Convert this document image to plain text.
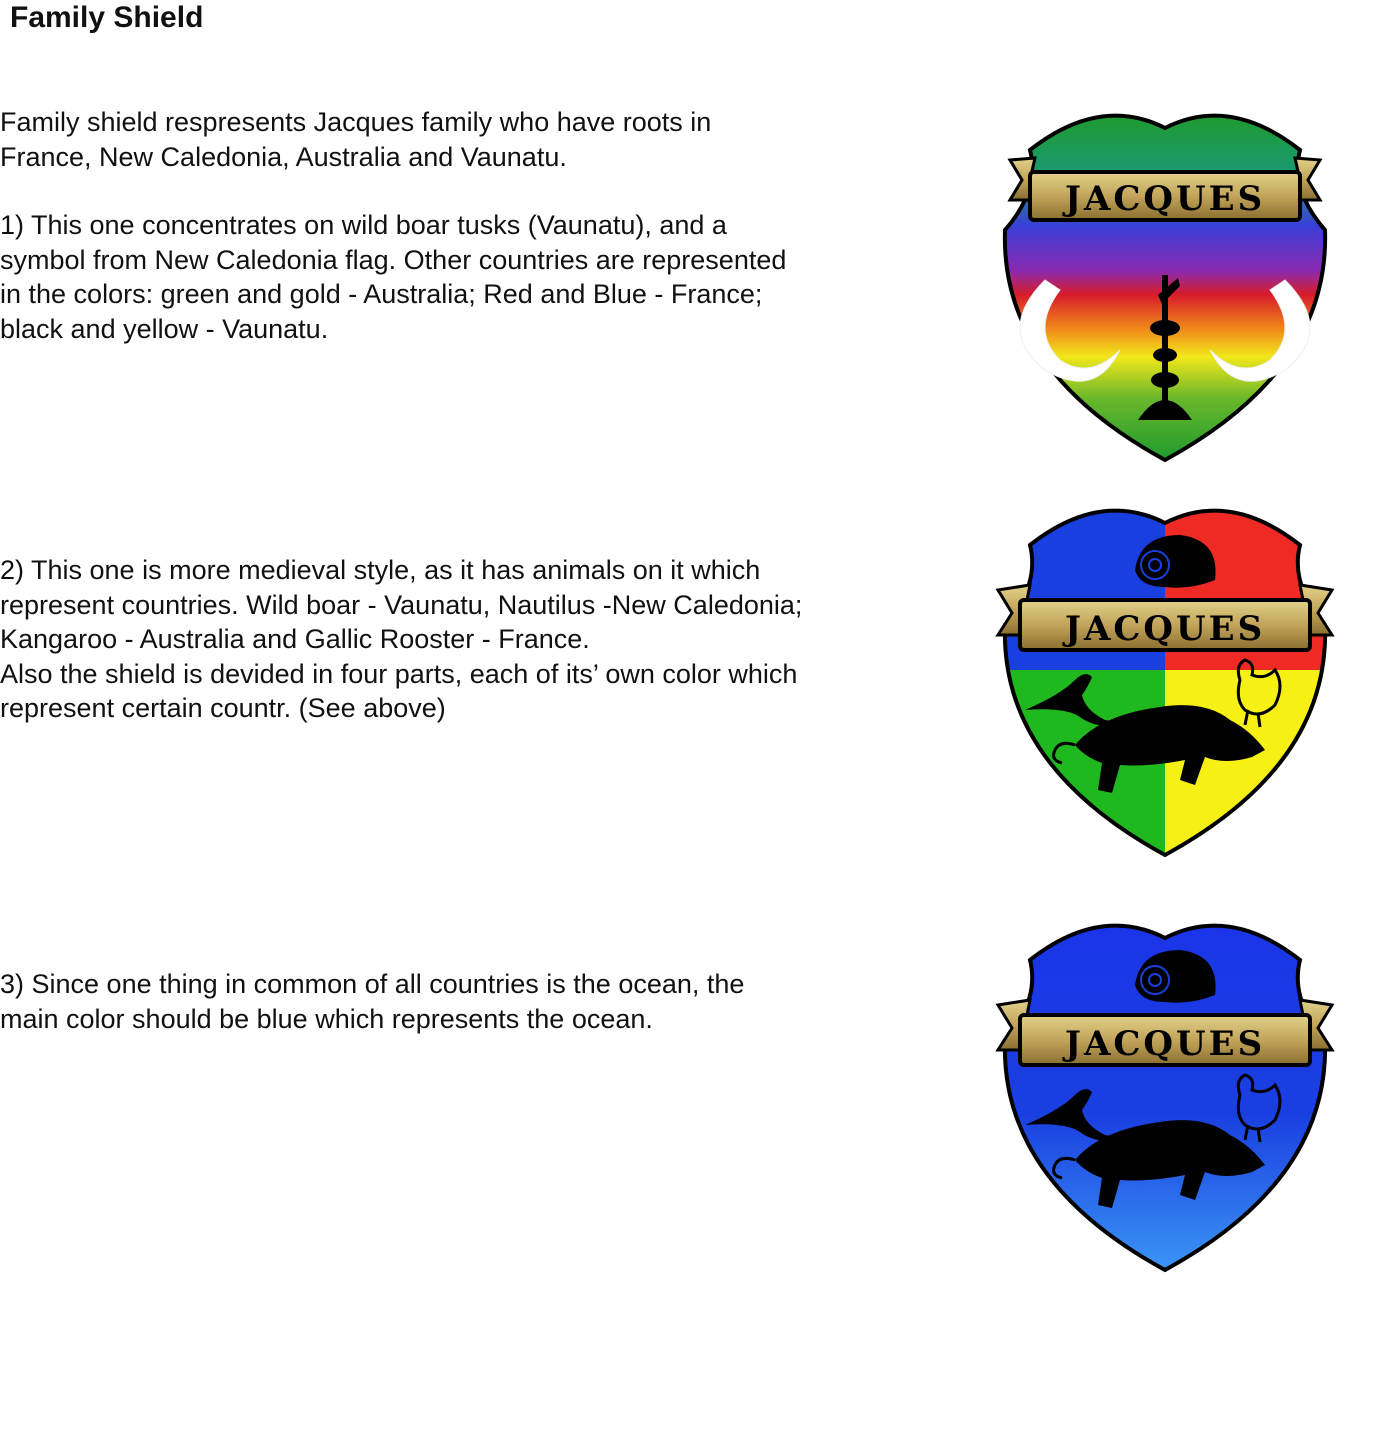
Family Shield
Family shield respresents Jacques family who have roots in
France, New Caledonia, Australia and Vaunatu.
1) This one concentrates on wild boar tusks (Vaunatu), and a
symbol from New Caledonia flag. Other countries are represented
in the colors: green and gold - Australia; Red and Blue - France;
black and yellow - Vaunatu.
2) This one is more medieval style, as it has animals on it which
represent countries. Wild boar - Vaunatu, Nautilus -New Caledonia;
Kangaroo - Australia and Gallic Rooster - France.
Also the shield is devided in four parts, each of its’ own color which
represent certain countr. (See above)
3) Since one thing in common of all countries is the ocean, the
main color should be blue which represents the ocean.
JACQUES
JACQUES
JACQUES
